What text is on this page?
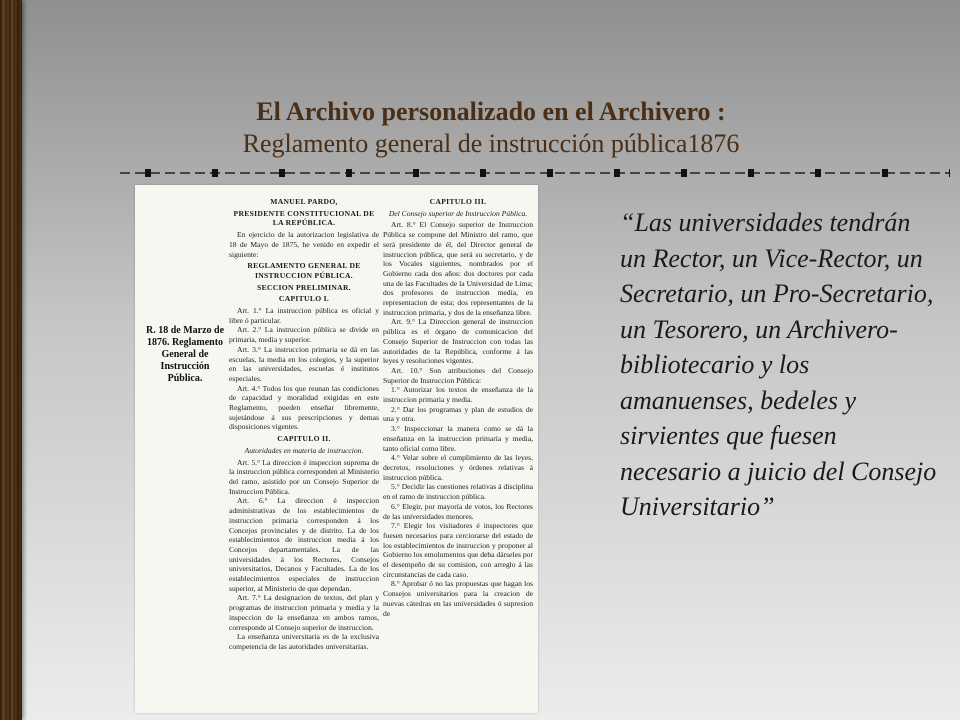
El Archivo personalizado en el Archivero :
Reglamento general de instrucción pública1876
R. 18 de Marzo de 1876. Reglamento General de Instrucción Pública.
MANUEL PARDO,
PRESIDENTE CONSTITUCIONAL DE LA REPÚBLICA.
En ejercicio de la autorizacion legislativa de 18 de Mayo de 1875, he venido en expedir el siguiente:
REGLAMENTO GENERAL DE INSTRUCCION PÚBLICA.
SECCION PRELIMINAR.
CAPITULO I.
Art. 1.° La instruccion pública es oficial y libre ó particular.
Art. 2.° La instruccion pública se divide en primaria, media y superior.
Art. 3.° La instruccion primaria se dá en las escuelas, la media en los colegios, y la superior en las universidades, escuelas é institutos especiales.
Art. 4.° Todos los que reunan las condiciones de capacidad y moralidad exigidas en este Reglamento, pueden enseñar libremente, sujetándose á sus prescripciones y demas disposiciones vigentes.
CAPITULO II.
Autoridades en materia de instruccion.
Art. 5.° La direccion é inspeccion suprema de la instruccion pública corresponden al Ministerio del ramo, asistido por un Consejo Superior de Instruccion Pública.
Art. 6.° La direccion é inspeccion administrativas de los establecimientos de instruccion primaria corresponden á los Concejos provinciales y de distrito. La de los establecimientos de instruccion media á los Concejos departamentales. La de las universidades á los Rectores, Consejos universitarios, Decanos y Facultades. La de los establecimientos especiales de instruccion superior, al Ministerio de que dependan.
Art. 7.° La designacion de textos, del plan y programas de instruccion primaria y media y la inspeccion de la enseñanza en ambos ramos, corresponde al Consejo superior de instruccion.
La enseñanza universitaria es de la exclusiva competencia de las autoridades universitarias.
CAPITULO III.
Del Consejo superior de Instruccion Pública.
Art. 8.° El Consejo superior de Instruccion Pública se compone del Ministro del ramo, que será presidente de él, del Director general de instruccion pública, que será su secretario, y de los Vocales siguientes, nombrados por el Gobierno cada dos años: dos doctores por cada una de las Facultades de la Universidad de Lima; dos profesores de instruccion media, en representacion de esta; dos representantes de la instruccion primaria, y dos de la enseñanza libre.
Art. 9.° La Direccion general de instruccion pública es el órgano de comunicacion del Consejo Superior de Instruccion con todas las autoridades de la República, conforme á las leyes y resoluciones vigentes.
Art. 10.° Son atribuciones del Consejo Superior de Instruccion Pública:
1.° Autorizar los textos de enseñanza de la instruccion primaria y media.
2.° Dar los programas y plan de estudios de una y otra.
3.° Inspeccionar la manera como se dá la enseñanza en la instruccion primaria y media, tanto oficial como libre.
4.° Velar sobre el cumplimiento de las leyes, decretos, resoluciones y órdenes relativas á instruccion pública.
5.° Decidir las cuestiones relativas á disciplina en el ramo de instruccion pública.
6.° Elegir, por mayoría de votos, los Rectores de las universidades menores.
7.° Elegir los visitadores é inspectores que fuesen necesarios para cerciorarse del estado de los establecimientos de instruccion y proponer al Gobierno los emolumentos que deba dárseles por el desempeño de su comision, con arreglo á las circunstancias de cada caso.
8.° Aprobar ó no las propuestas que hagan los Consejos universitarios para la creacion de nuevas cátedras en las universidades ó supresion de
“Las universidades tendrán un Rector, un Vice-Rector, un Secretario, un Pro-Secretario, un Tesorero, un Archivero-bibliotecario y los amanuenses, bedeles y sirvientes que fuesen necesario a juicio del Consejo Universitario”
